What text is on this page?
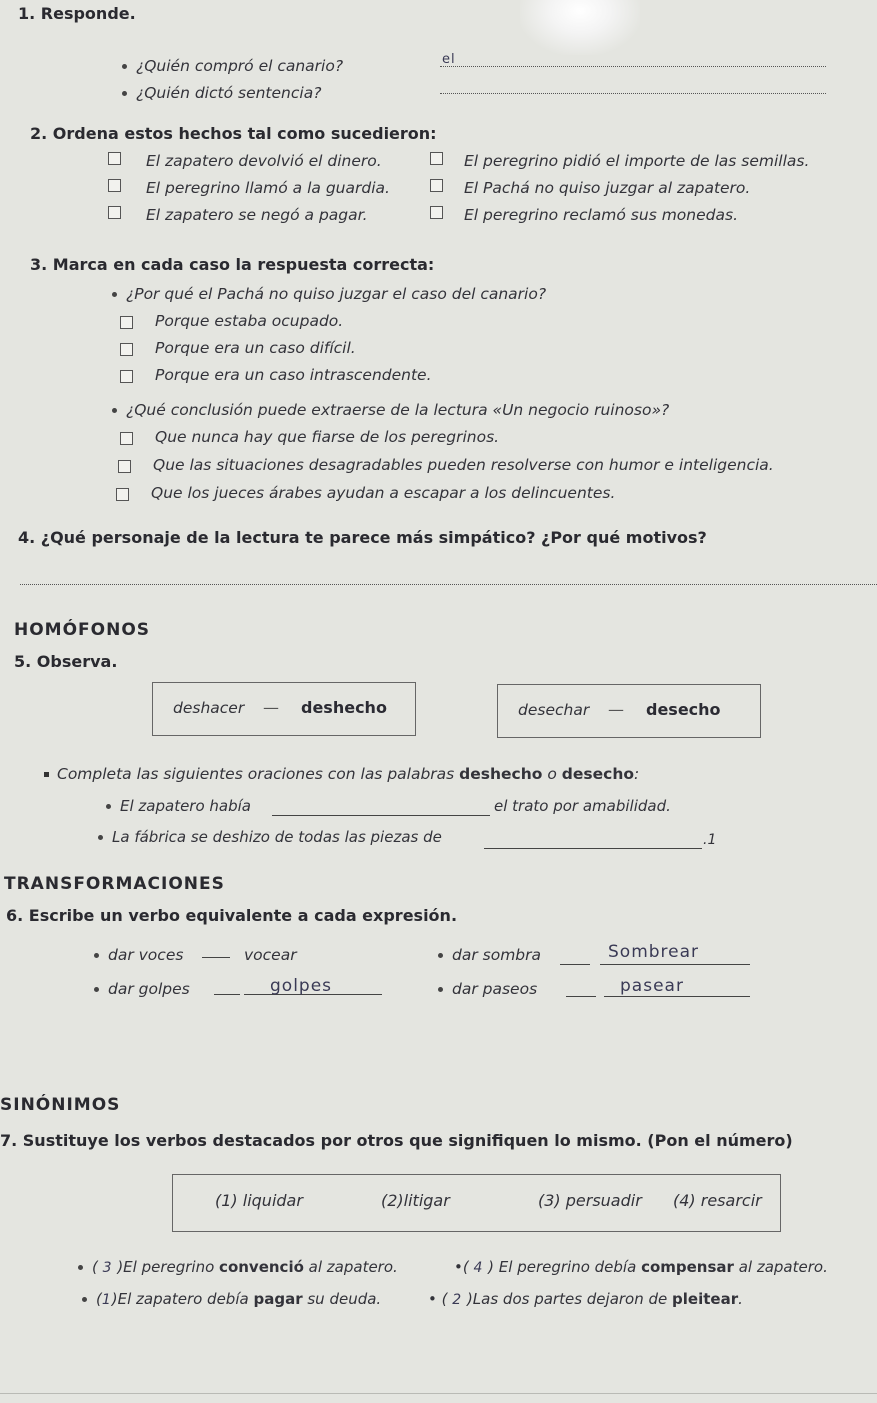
1. Responde.
¿Quién compró el canario?	el
¿Quién dictó sentencia?
2. Ordena estos hechos tal como sucedieron:
El zapatero devolvió el dinero.	El peregrino pidió el importe de las semillas.
El peregrino llamó a la guardia.	El Pachá no quiso juzgar al zapatero.
El zapatero se negó a pagar.	El peregrino reclamó sus monedas.
3. Marca en cada caso la respuesta correcta:
¿Por qué el Pachá no quiso juzgar el caso del canario?
Porque estaba ocupado.
Porque era un caso difícil.
Porque era un caso intrascendente.
¿Qué conclusión puede extraerse de la lectura «Un negocio ruinoso»?
Que nunca hay que fiarse de los peregrinos.
Que las situaciones desagradables pueden resolverse con humor e inteligencia.
Que los jueces árabes ayudan a escapar a los delincuentes.
4. ¿Qué personaje de la lectura te parece más simpático? ¿Por qué motivos?
HOMÓFONOS
5. Observa.
deshacer — deshecho	desechar — desecho
Completa las siguientes oraciones con las palabras deshecho o desecho:
El zapatero había	el trato por amabilidad.
La fábrica se deshizo de todas las piezas de	.1
TRANSFORMACIONES
6. Escribe un verbo equivalente a cada expresión.
dar voces	vocear	dar sombra	Sombrear
dar golpes	golpes	dar paseos	pasear
SINÓNIMOS
7. Sustituye los verbos destacados por otros que signifiquen lo mismo. (Pon el número)
(1) liquidar	(2)litigar	(3) persuadir (4) resarcir
( 3 )El peregrino convenció al zapatero.	•( 4 ) El peregrino debía compensar al zapatero.
(1)El zapatero debía pagar su deuda.	• ( 2 )Las dos partes dejaron de pleitear.
